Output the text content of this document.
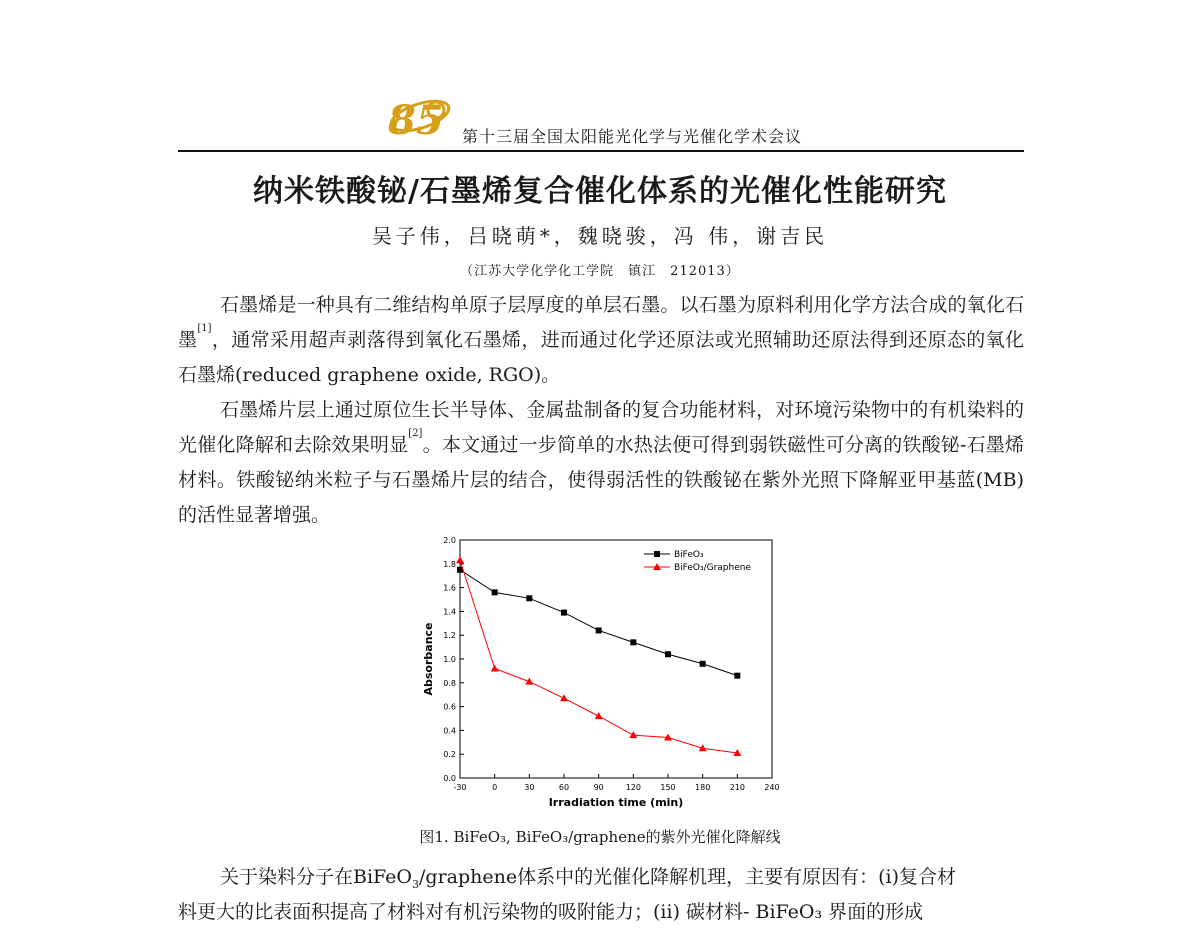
85 第十三届全国太阳能光化学与光催化学术会议
纳米铁酸铋/石墨烯复合催化体系的光催化性能研究
吴子伟，吕晓萌*，魏晓骏，冯 伟，谢吉民
（江苏大学化学化工学院　镇江　212013）

石墨烯是一种具有二维结构单原子层厚度的单层石墨。以石墨为原料利用化学方法合成的氧化石墨[1]，通常采用超声剥落得到氧化石墨烯，进而通过化学还原法或光照辅助还原法得到还原态的氧化石墨烯(reduced graphene oxide, RGO)。

石墨烯片层上通过原位生长半导体、金属盐制备的复合功能材料，对环境污染物中的有机染料的光催化降解和去除效果明显[2]。本文通过一步简单的水热法便可得到弱铁磁性可分离的铁酸铋-石墨烯材料。铁酸铋纳米粒子与石墨烯片层的结合，使得弱活性的铁酸铋在紫外光照下降解亚甲基蓝(MB)的活性显著增强。

0.0
0.2
0.4
0.6
0.8
1.0
1.2
1.4
1.6
1.8
2.0
-30	0	30	60	90	120 150 180 210 240
Irradiation time (min)
Absorbance
BiFeO₃
BiFeO₃/Graphene
图1. BiFeO₃, BiFeO₃/graphene的紫外光催化降解线

关于染料分子在BiFeO$_3$/graphene体系中的光催化降解机理，主要有原因有：(ⅰ)复合材

料更大的比表面积提高了材料对有机污染物的吸附能力；(ⅱ) 碳材料- BiFeO₃ 界面的形成
